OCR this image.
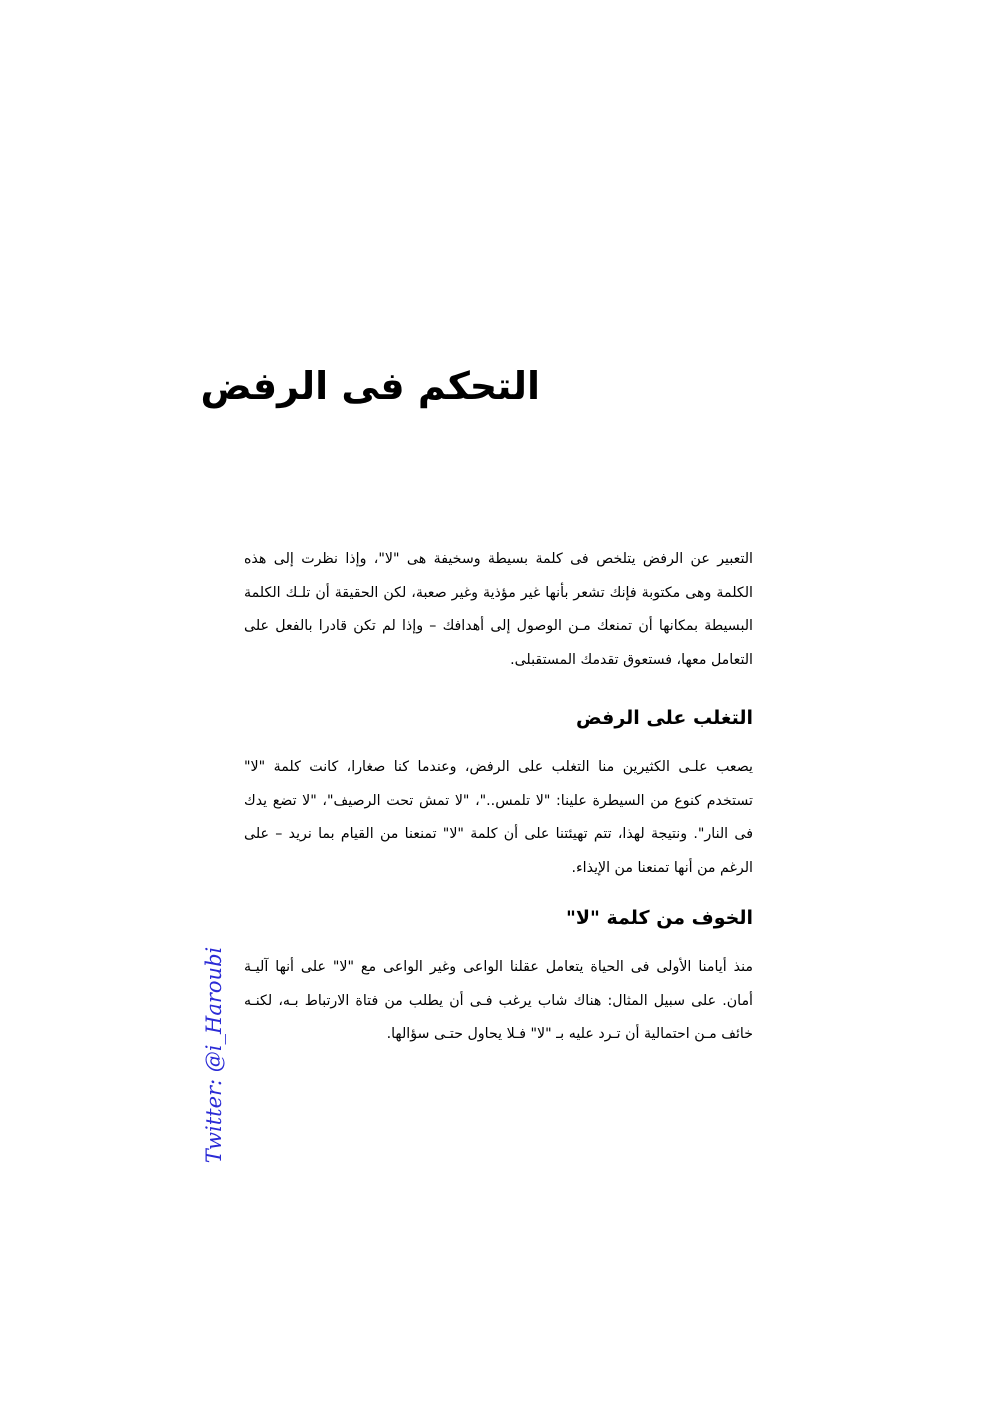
التحكم فى الرفض

التعبير عن الرفض يتلخص فى كلمة بسيطة وسخيفة هى "لا"، وإذا نظرت إلى هذه الكلمة وهى مكتوبة فإنك تشعر بأنها غير مؤذية وغير صعبة، لكن الحقيقة أن تلـك الكلمة البسيطة بمكانها أن تمنعك مـن الوصول إلى أهدافك – وإذا لم تكن قادرا بالفعل على التعامل معها، فستعوق تقدمك المستقبلى.

التغلب على الرفض

يصعب علـى الكثيرين منا التغلب على الرفض، وعندما كنا صغارا، كانت كلمة "لا" تستخدم كنوع من السيطرة علينا: "لا تلمس.."، "لا تمش تحت الرصيف"، "لا تضع يدك فى النار". ونتيجة لهذا، تتم تهيئتنا على أن كلمة "لا" تمنعنا من القيام بما نريد – على الرغم من أنها تمنعنا من الإيذاء.

الخوف من كلمة "لا"

منذ أيامنا الأولى فى الحياة يتعامل عقلنا الواعى وغير الواعى مع "لا" على أنها آليـة أمان. على سبيل المثال: هناك شاب يرغب فـى أن يطلب من فتاة الارتباط بـه، لكنـه خائف مـن احتمالية أن تـرد عليه بـ "لا" فـلا يحاول حتـى سؤالها.

Twitter: @i_Haroubi
